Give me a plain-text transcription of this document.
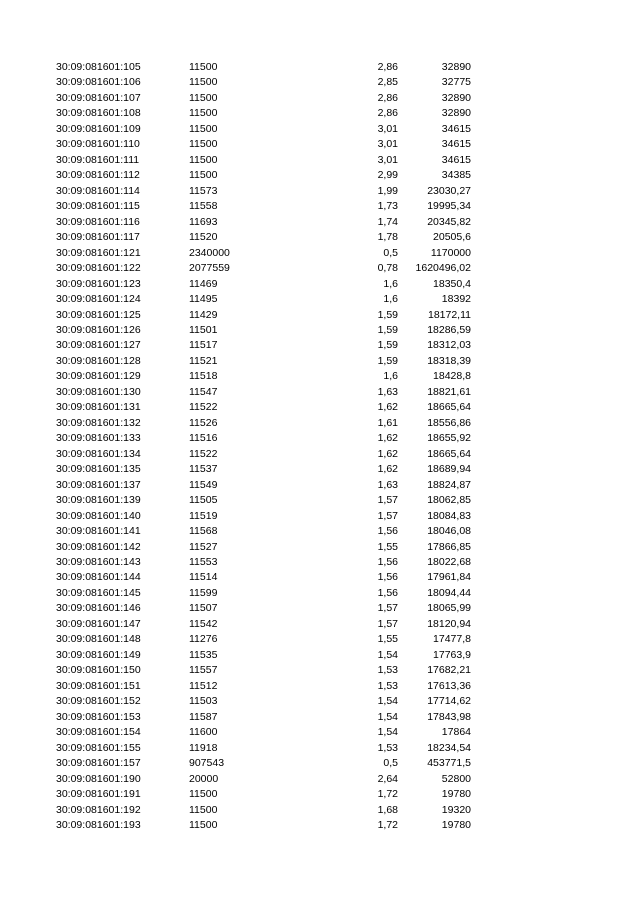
30:09:081601:105	11500	2,86	32890
30:09:081601:106	11500	2,85	32775
30:09:081601:107	11500	2,86	32890
30:09:081601:108	11500	2,86	32890
30:09:081601:109	11500	3,01	34615
30:09:081601:110	11500	3,01	34615
30:09:081601:111	11500	3,01	34615
30:09:081601:112	11500	2,99	34385
30:09:081601:114	11573	1,99	23030,27
30:09:081601:115	11558	1,73	19995,34
30:09:081601:116	11693	1,74	20345,82
30:09:081601:117	11520	1,78	20505,6
30:09:081601:121	2340000	0,5	1170000
30:09:081601:122	2077559	0,78	1620496,02
30:09:081601:123	11469	1,6	18350,4
30:09:081601:124	11495	1,6	18392
30:09:081601:125	11429	1,59	18172,11
30:09:081601:126	11501	1,59	18286,59
30:09:081601:127	11517	1,59	18312,03
30:09:081601:128	11521	1,59	18318,39
30:09:081601:129	11518	1,6	18428,8
30:09:081601:130	11547	1,63	18821,61
30:09:081601:131	11522	1,62	18665,64
30:09:081601:132	11526	1,61	18556,86
30:09:081601:133	11516	1,62	18655,92
30:09:081601:134	11522	1,62	18665,64
30:09:081601:135	11537	1,62	18689,94
30:09:081601:137	11549	1,63	18824,87
30:09:081601:139	11505	1,57	18062,85
30:09:081601:140	11519	1,57	18084,83
30:09:081601:141	11568	1,56	18046,08
30:09:081601:142	11527	1,55	17866,85
30:09:081601:143	11553	1,56	18022,68
30:09:081601:144	11514	1,56	17961,84
30:09:081601:145	11599	1,56	18094,44
30:09:081601:146	11507	1,57	18065,99
30:09:081601:147	11542	1,57	18120,94
30:09:081601:148	11276	1,55	17477,8
30:09:081601:149	11535	1,54	17763,9
30:09:081601:150	11557	1,53	17682,21
30:09:081601:151	11512	1,53	17613,36
30:09:081601:152	11503	1,54	17714,62
30:09:081601:153	11587	1,54	17843,98
30:09:081601:154	11600	1,54	17864
30:09:081601:155	11918	1,53	18234,54
30:09:081601:157	907543	0,5	453771,5
30:09:081601:190	20000	2,64	52800
30:09:081601:191	11500	1,72	19780
30:09:081601:192	11500	1,68	19320
30:09:081601:193	11500	1,72	19780
